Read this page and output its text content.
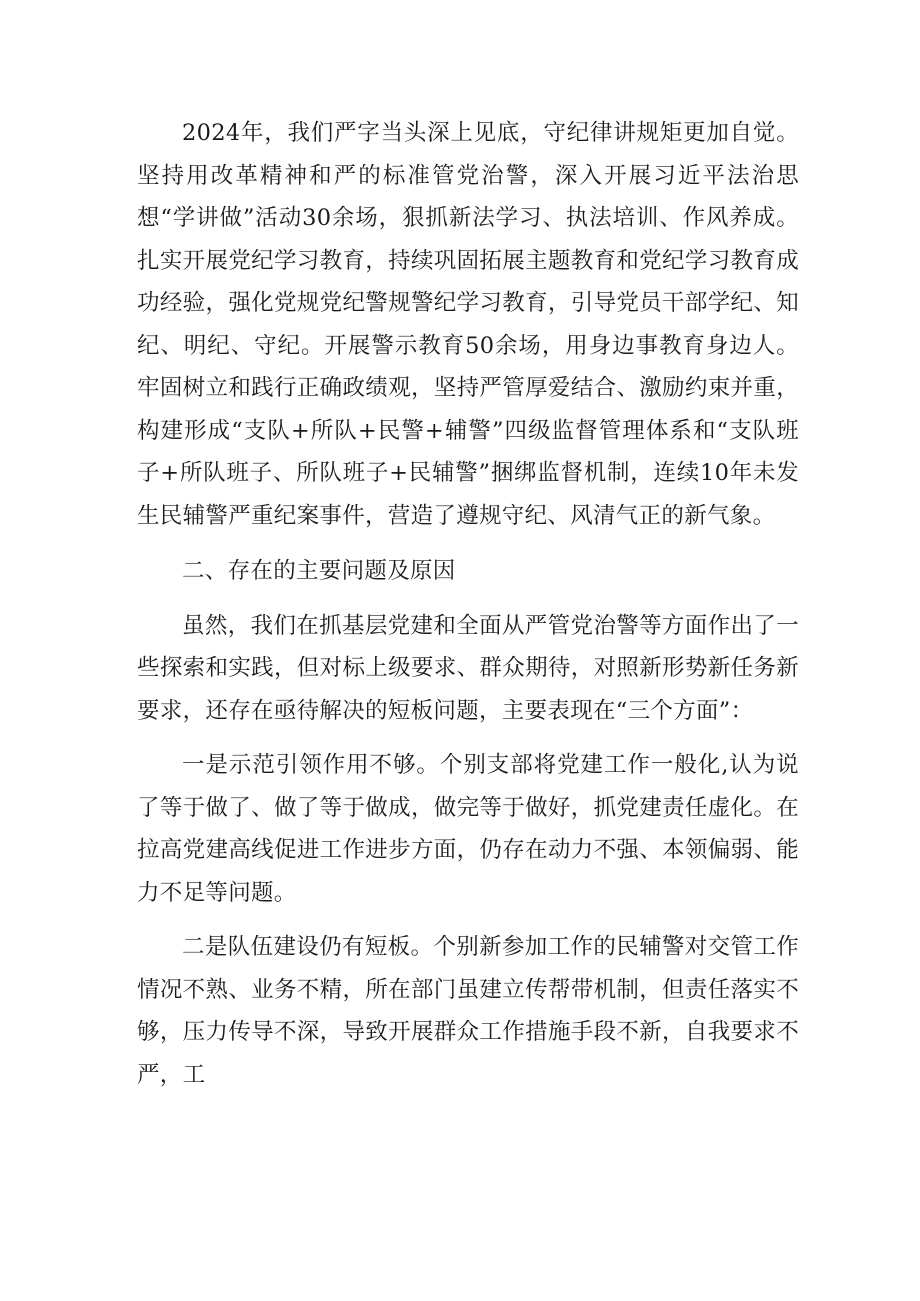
2024年，我们严字当头深上见底，守纪律讲规矩更加自觉。坚持用改革精神和严的标准管党治警，深入开展习近平法治思想“学讲做”活动30余场，狠抓新法学习、执法培训、作风养成。扎实开展党纪学习教育，持续巩固拓展主题教育和党纪学习教育成功经验，强化党规党纪警规警纪学习教育，引导党员干部学纪、知纪、明纪、守纪。开展警示教育50余场，用身边事教育身边人。牢固树立和践行正确政绩观，坚持严管厚爱结合、激励约束并重，构建形成“支队+所队+民警+辅警”四级监督管理体系和“支队班子+所队班子、所队班子+民辅警”捆绑监督机制，连续10年未发生民辅警严重纪案事件，营造了遵规守纪、风清气正的新气象。

二、存在的主要问题及原因

虽然，我们在抓基层党建和全面从严管党治警等方面作出了一些探索和实践，但对标上级要求、群众期待，对照新形势新任务新要求，还存在亟待解决的短板问题，主要表现在“三个方面”：

一是示范引领作用不够。个别支部将党建工作一般化,认为说了等于做了、做了等于做成，做完等于做好，抓党建责任虚化。在拉高党建高线促进工作进步方面，仍存在动力不强、本领偏弱、能力不足等问题。

二是队伍建设仍有短板。个别新参加工作的民辅警对交管工作情况不熟、业务不精，所在部门虽建立传帮带机制，但责任落实不够，压力传导不深，导致开展群众工作措施手段不新，自我要求不严，工
